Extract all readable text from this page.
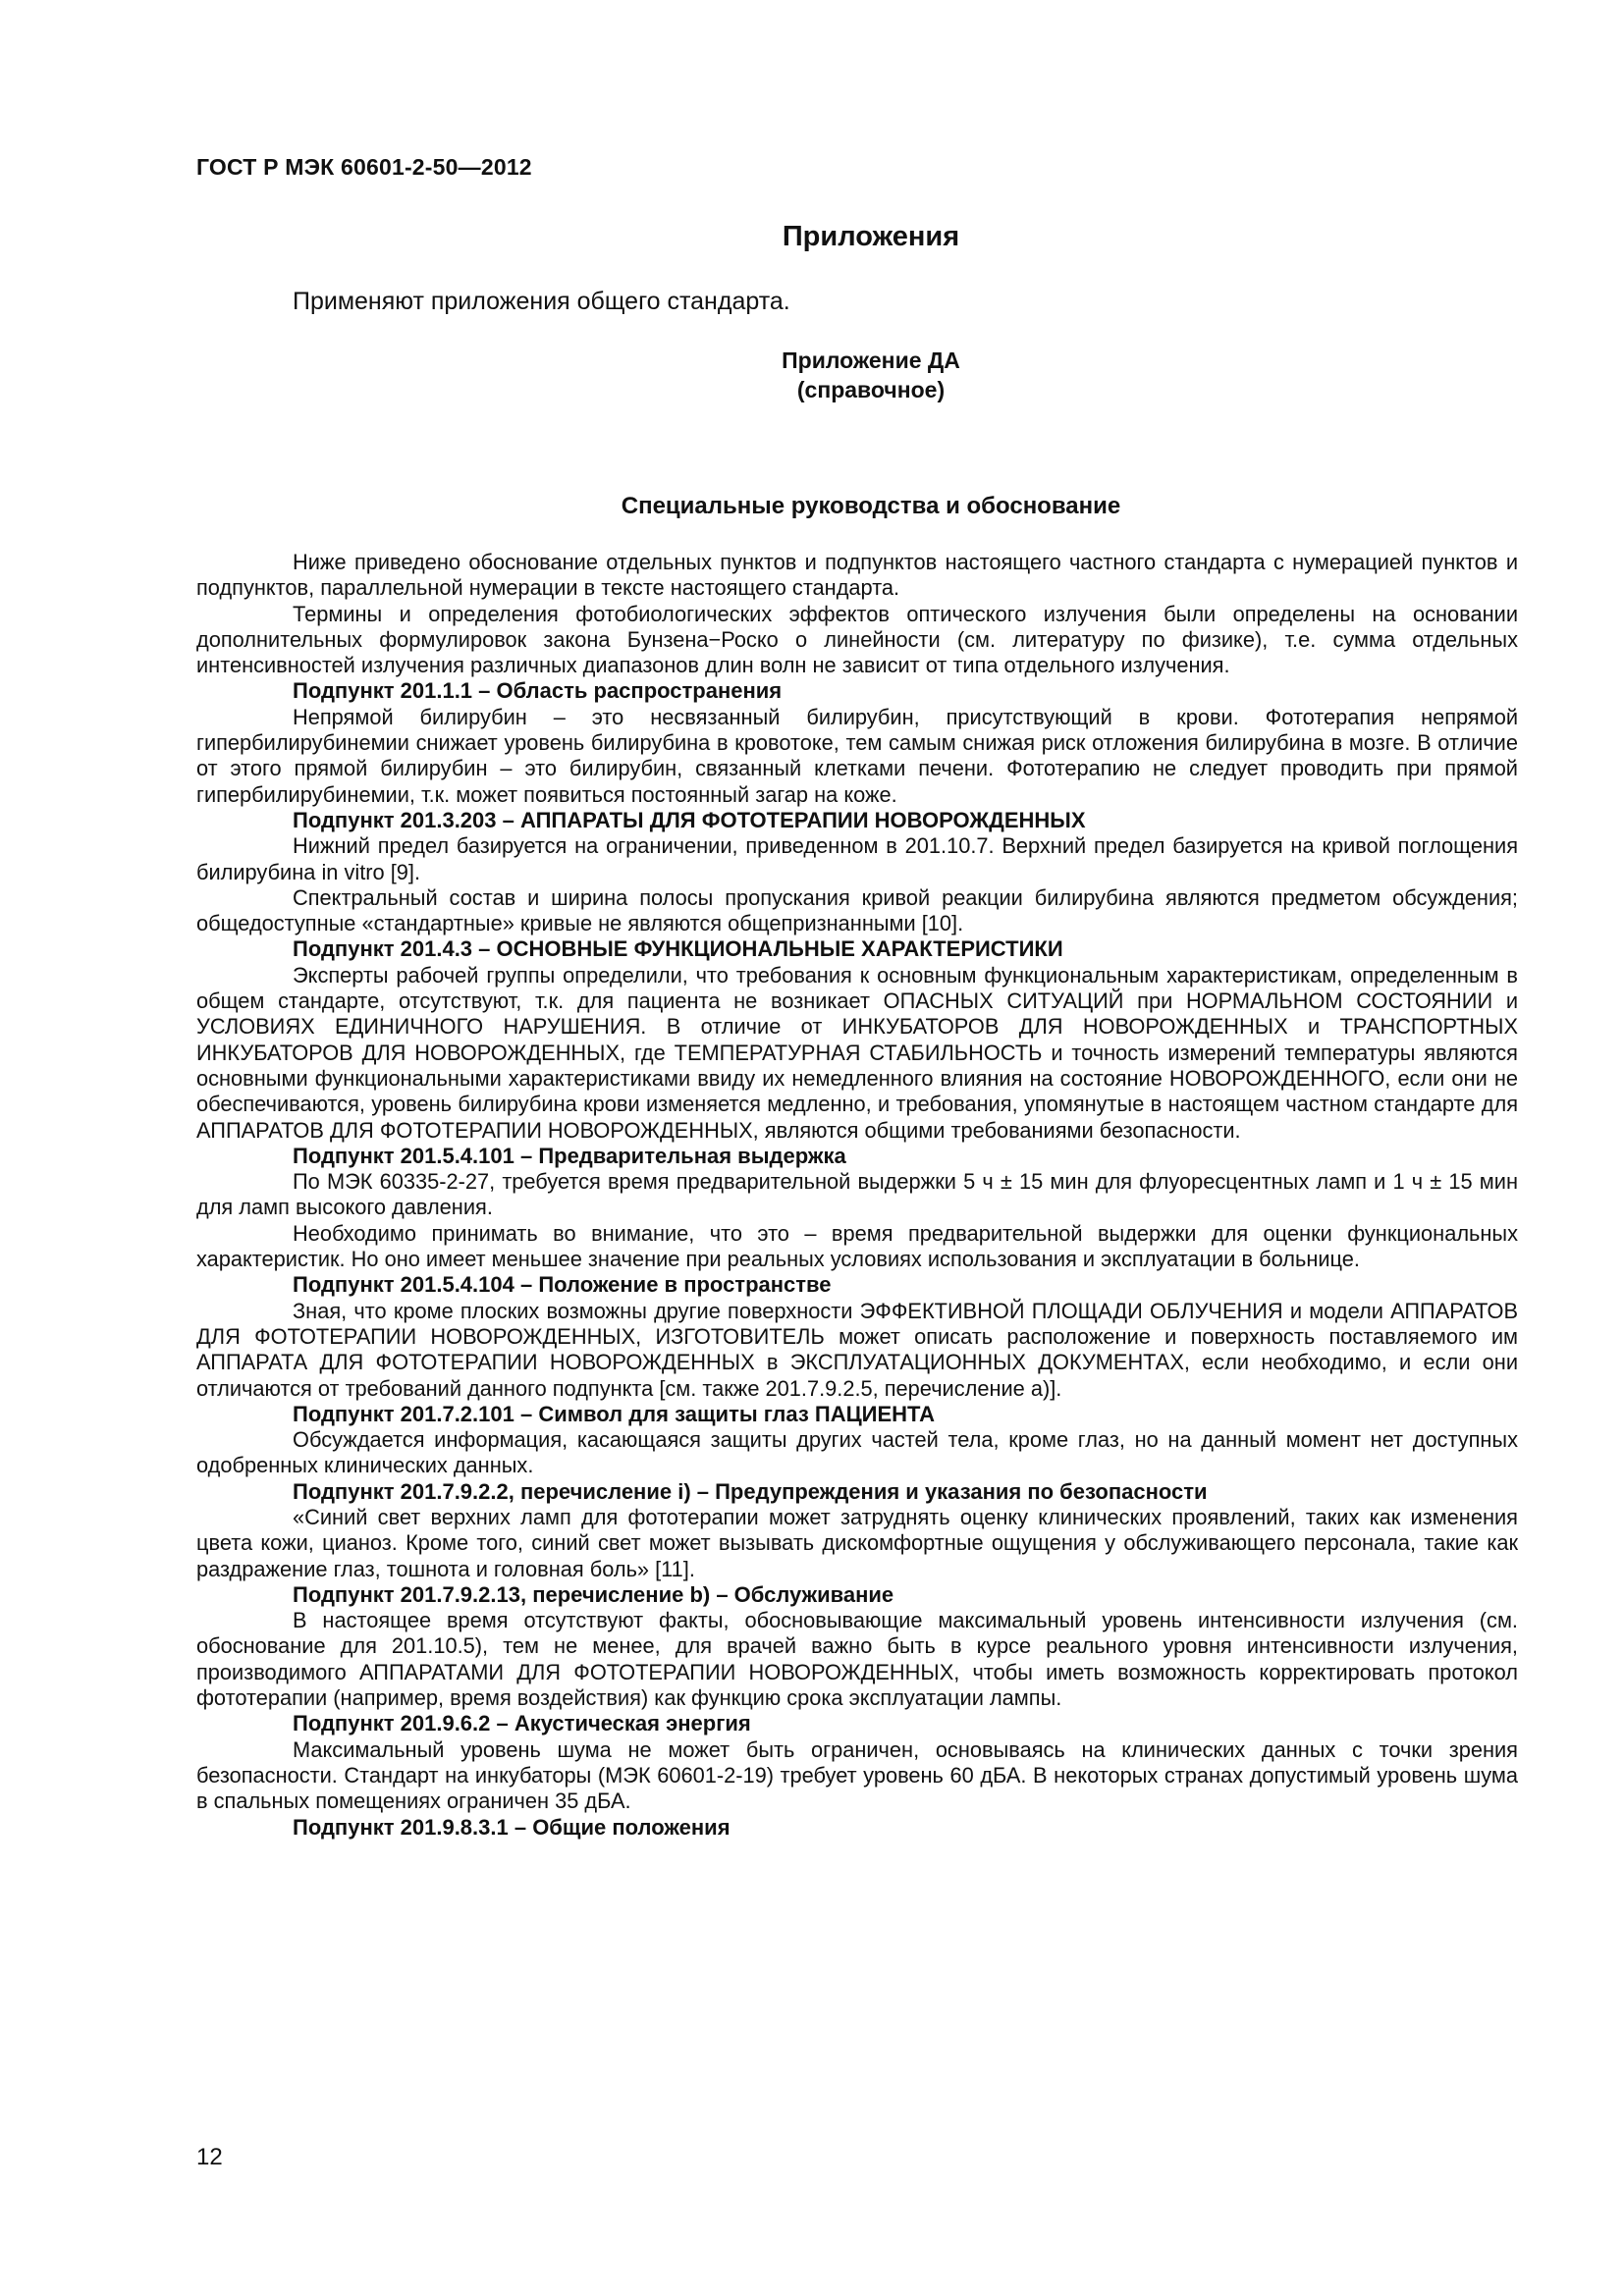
ГОСТ Р МЭК 60601-2-50—2012
Приложения
Применяют приложения общего стандарта.
Приложение ДА
(справочное)
Специальные руководства и обоснование

Ниже приведено обоснование отдельных пунктов и подпунктов настоящего частного стандарта с нумерацией пунктов и подпунктов, параллельной нумерации в тексте настоящего стандарта.

Термины и определения фотобиологических эффектов оптического излучения были определены на основании дополнительных формулировок закона Бунзена−Роско о линейности (см. литературу по физике), т.е. сумма отдельных интенсивностей излучения различных диапазонов длин волн не зависит от типа отдельного излучения.

Подпункт 201.1.1 – Область распространения

Непрямой билирубин – это несвязанный билирубин, присутствующий в крови. Фототерапия непрямой гипербилирубинемии снижает уровень билирубина в кровотоке, тем самым снижая риск отложения билирубина в мозге. В отличие от этого прямой билирубин – это билирубин, связанный клетками печени. Фототерапию не следует проводить при прямой гипербилирубинемии, т.к. может появиться постоянный загар на коже.

Подпункт 201.3.203 – АППАРАТЫ ДЛЯ ФОТОТЕРАПИИ НОВОРОЖДЕННЫХ

Нижний предел базируется на ограничении, приведенном в 201.10.7. Верхний предел базируется на кривой поглощения билирубина in vitro [9].

Спектральный состав и ширина полосы пропускания кривой реакции билирубина являются предметом обсуждения; общедоступные «стандартные» кривые не являются общепризнанными [10].

Подпункт 201.4.3 – ОСНОВНЫЕ ФУНКЦИОНАЛЬНЫЕ ХАРАКТЕРИСТИКИ

Эксперты рабочей группы определили, что требования к основным функциональным характеристикам, определенным в общем стандарте, отсутствуют, т.к. для пациента не возникает ОПАСНЫХ СИТУАЦИЙ при НОРМАЛЬНОМ СОСТОЯНИИ и УСЛОВИЯХ ЕДИНИЧНОГО НАРУШЕНИЯ. В отличие от ИНКУБАТОРОВ ДЛЯ НОВОРОЖДЕННЫХ и ТРАНСПОРТНЫХ ИНКУБАТОРОВ ДЛЯ НОВОРОЖДЕННЫХ, где ТЕМПЕРАТУРНАЯ СТАБИЛЬНОСТЬ и точность измерений температуры являются основными функциональными характеристиками ввиду их немедленного влияния на состояние НОВОРОЖДЕННОГО, если они не обеспечиваются, уровень билирубина крови изменяется медленно, и требования, упомянутые в настоящем частном стандарте для АППАРАТОВ ДЛЯ ФОТОТЕРАПИИ НОВОРОЖДЕННЫХ, являются общими требованиями безопасности.

Подпункт 201.5.4.101 – Предварительная выдержка

По МЭК 60335-2-27, требуется время предварительной выдержки 5 ч ± 15 мин для флуоресцентных ламп и 1 ч ± 15 мин для ламп высокого давления.

Необходимо принимать во внимание, что это – время предварительной выдержки для оценки функциональных характеристик. Но оно имеет меньшее значение при реальных условиях использования и эксплуатации в больнице.

Подпункт 201.5.4.104 – Положение в пространстве

Зная, что кроме плоских возможны другие поверхности ЭФФЕКТИВНОЙ ПЛОЩАДИ ОБЛУЧЕНИЯ и модели АППАРАТОВ ДЛЯ ФОТОТЕРАПИИ НОВОРОЖДЕННЫХ, ИЗГОТОВИТЕЛЬ может описать расположение и поверхность поставляемого им АППАРАТА ДЛЯ ФОТОТЕРАПИИ НОВОРОЖДЕННЫХ в ЭКСПЛУАТАЦИОННЫХ ДОКУМЕНТАХ, если необходимо, и если они отличаются от требований данного подпункта [см. также 201.7.9.2.5, перечисление а)].

Подпункт 201.7.2.101 – Символ для защиты глаз ПАЦИЕНТА

Обсуждается информация, касающаяся защиты других частей тела, кроме глаз, но на данный момент нет доступных одобренных клинических данных.

Подпункт 201.7.9.2.2, перечисление i) – Предупреждения и указания по безопасности

«Синий свет верхних ламп для фототерапии может затруднять оценку клинических проявлений, таких как изменения цвета кожи, цианоз. Кроме того, синий свет может вызывать дискомфортные ощущения у обслуживающего персонала, такие как раздражение глаз, тошнота и головная боль» [11].

Подпункт 201.7.9.2.13, перечисление b) – Обслуживание

В настоящее время отсутствуют факты, обосновывающие максимальный уровень интенсивности излучения (см. обоснование для 201.10.5), тем не менее, для врачей важно быть в курсе реального уровня интенсивности излучения, производимого АППАРАТАМИ ДЛЯ ФОТОТЕРАПИИ НОВОРОЖДЕННЫХ, чтобы иметь возможность корректировать протокол фототерапии (например, время воздействия) как функцию срока эксплуатации лампы.

Подпункт 201.9.6.2 – Акустическая энергия

Максимальный уровень шума не может быть ограничен, основываясь на клинических данных с точки зрения безопасности. Стандарт на инкубаторы (МЭК 60601-2-19) требует уровень 60 дБА. В некоторых странах допустимый уровень шума в спальных помещениях ограничен 35 дБА.

Подпункт 201.9.8.3.1 – Общие положения

12
